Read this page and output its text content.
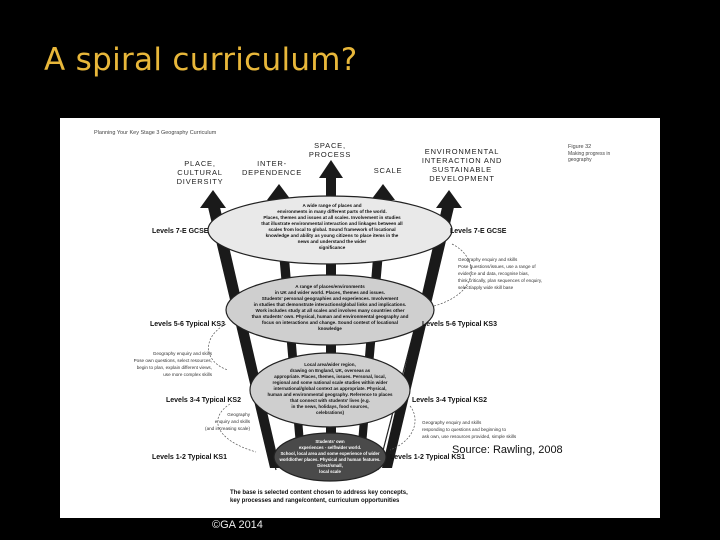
A spiral curriculum?
Planning Your Key Stage 3 Geography Curriculum
Figure 32
Making progress in
geography
PLACE,
CULTURAL
DIVERSITY
INTER-
DEPENDENCE
SPACE,
PROCESS
SCALE
ENVIRONMENTAL
INTERACTION AND
SUSTAINABLE
DEVELOPMENT
A wide range of places and
environments in many different parts of the world.
Places, themes and issues at all scales. Involvement in studies
that illustrate environmental interaction and linkages between all
scales from local to global. Sound framework of locational
knowledge and ability as young citizens to place items in the
news and understand the wider
significance
A range of places/environments
in UK and wider world. Places, themes and issues.
Students' personal geographies and experiences. Involvement
in studies that demonstrate interactions/global links and implications.
Work includes study at all scales and involves many countries other
than students' own. Physical, human and environmental geography and
focus on interactions and change. Sound context of locational
knowledge
Local area/wider region,
drawing on England, UK, overseas as
appropriate. Places, themes, issues. Personal, local,
regional and some national scale studies within wider
international/global context as appropriate. Physical,
human and environmental geography. Reference to places
that connect with students' lives (e.g.
in the news, holidays, food sources,
celebrations)
Students' own
experiences - self/wider world.
School, local area and some experience of wider
world/other places. Physical and human features.
Direct/small,
local scale
Levels 7-E GCSE	Levels 7-E GCSE
Levels 5-6 Typical KS3	Levels 5-6 Typical KS3
Levels 3-4 Typical KS2	Levels 3-4 Typical KS2
Levels 1-2 Typical KS1	Levels 1-2 Typical KS1
Geography enquiry and skills
Pose questions/issues, use a range of
evidence and data, recognise bias,
think critically, plan sequences of enquiry,
select/apply wide skill base
Geography enquiry and skills
Pose own questions, select resources,
begin to plan, explain different views,
use more complex skills
Geography
enquiry and skills
(and increasing scale)
Geography enquiry and skills
responding to questions and beginning to
ask own, use resources provided, simple skills
The base is selected content chosen to address key concepts,
key processes and range/content, curriculum opportunities
Source: Rawling, 2008
©GA 2014
